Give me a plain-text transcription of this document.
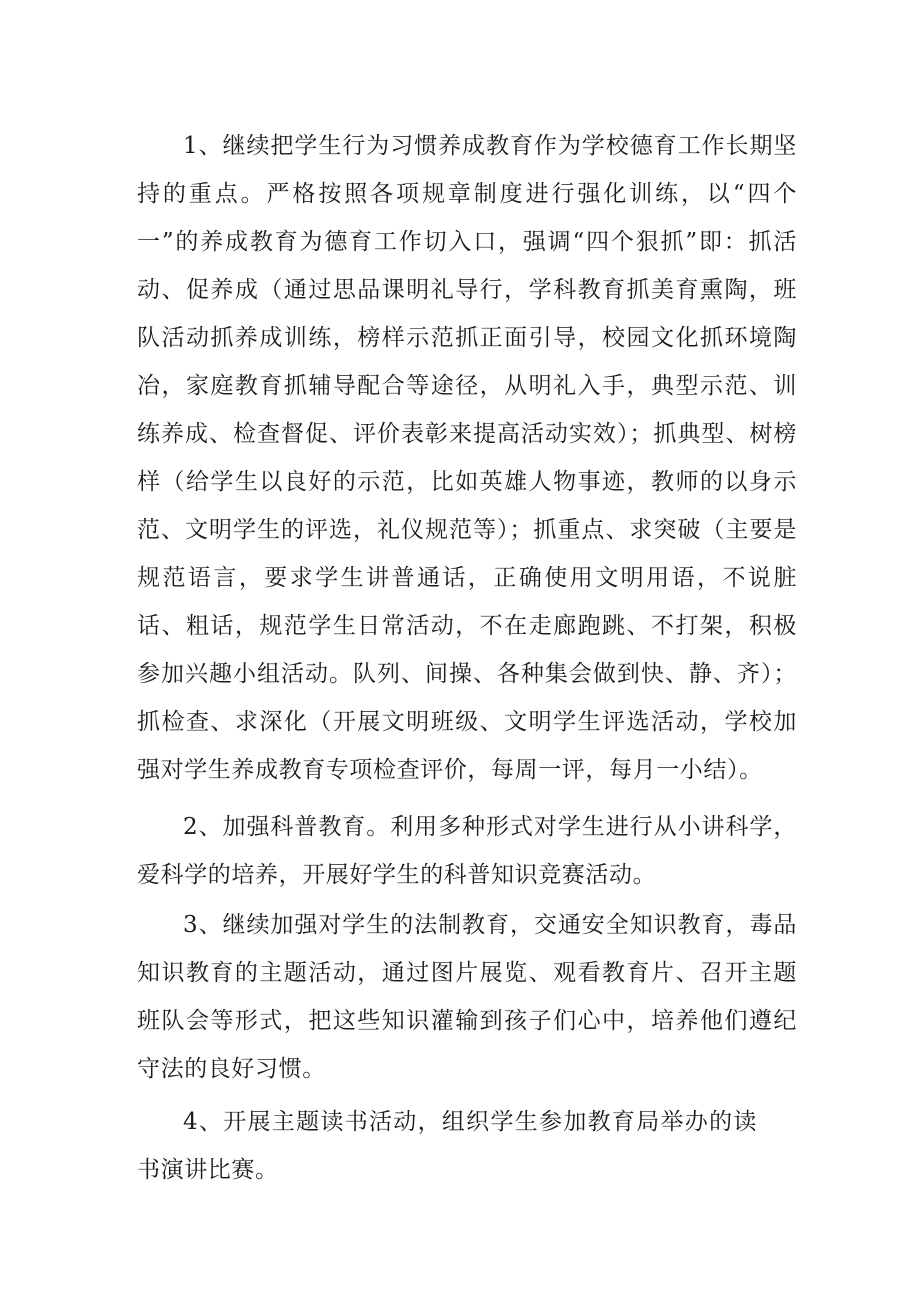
1、继续把学生行为习惯养成教育作为学校德育工作长期坚持的重点。严格按照各项规章制度进行强化训练，以“四个一”的养成教育为德育工作切入口，强调“四个狠抓”即：抓活动、促养成（通过思品课明礼导行，学科教育抓美育熏陶，班队活动抓养成训练，榜样示范抓正面引导，校园文化抓环境陶冶，家庭教育抓辅导配合等途径，从明礼入手，典型示范、训练养成、检查督促、评价表彰来提高活动实效）；抓典型、树榜样（给学生以良好的示范，比如英雄人物事迹，教师的以身示范、文明学生的评选，礼仪规范等）；抓重点、求突破（主要是规范语言，要求学生讲普通话，正确使用文明用语，不说脏话、粗话，规范学生日常活动，不在走廊跑跳、不打架，积极参加兴趣小组活动。队列、间操、各种集会做到快、静、齐）；抓检查、求深化（开展文明班级、文明学生评选活动，学校加强对学生养成教育专项检查评价，每周一评，每月一小结）。

2、加强科普教育。利用多种形式对学生进行从小讲科学，爱科学的培养，开展好学生的科普知识竞赛活动。

3、继续加强对学生的法制教育，交通安全知识教育，毒品知识教育的主题活动，通过图片展览、观看教育片、召开主题班队会等形式，把这些知识灌输到孩子们心中，培养他们遵纪守法的良好习惯。

4、开展主题读书活动，组织学生参加教育局举办的读书演讲比赛。
